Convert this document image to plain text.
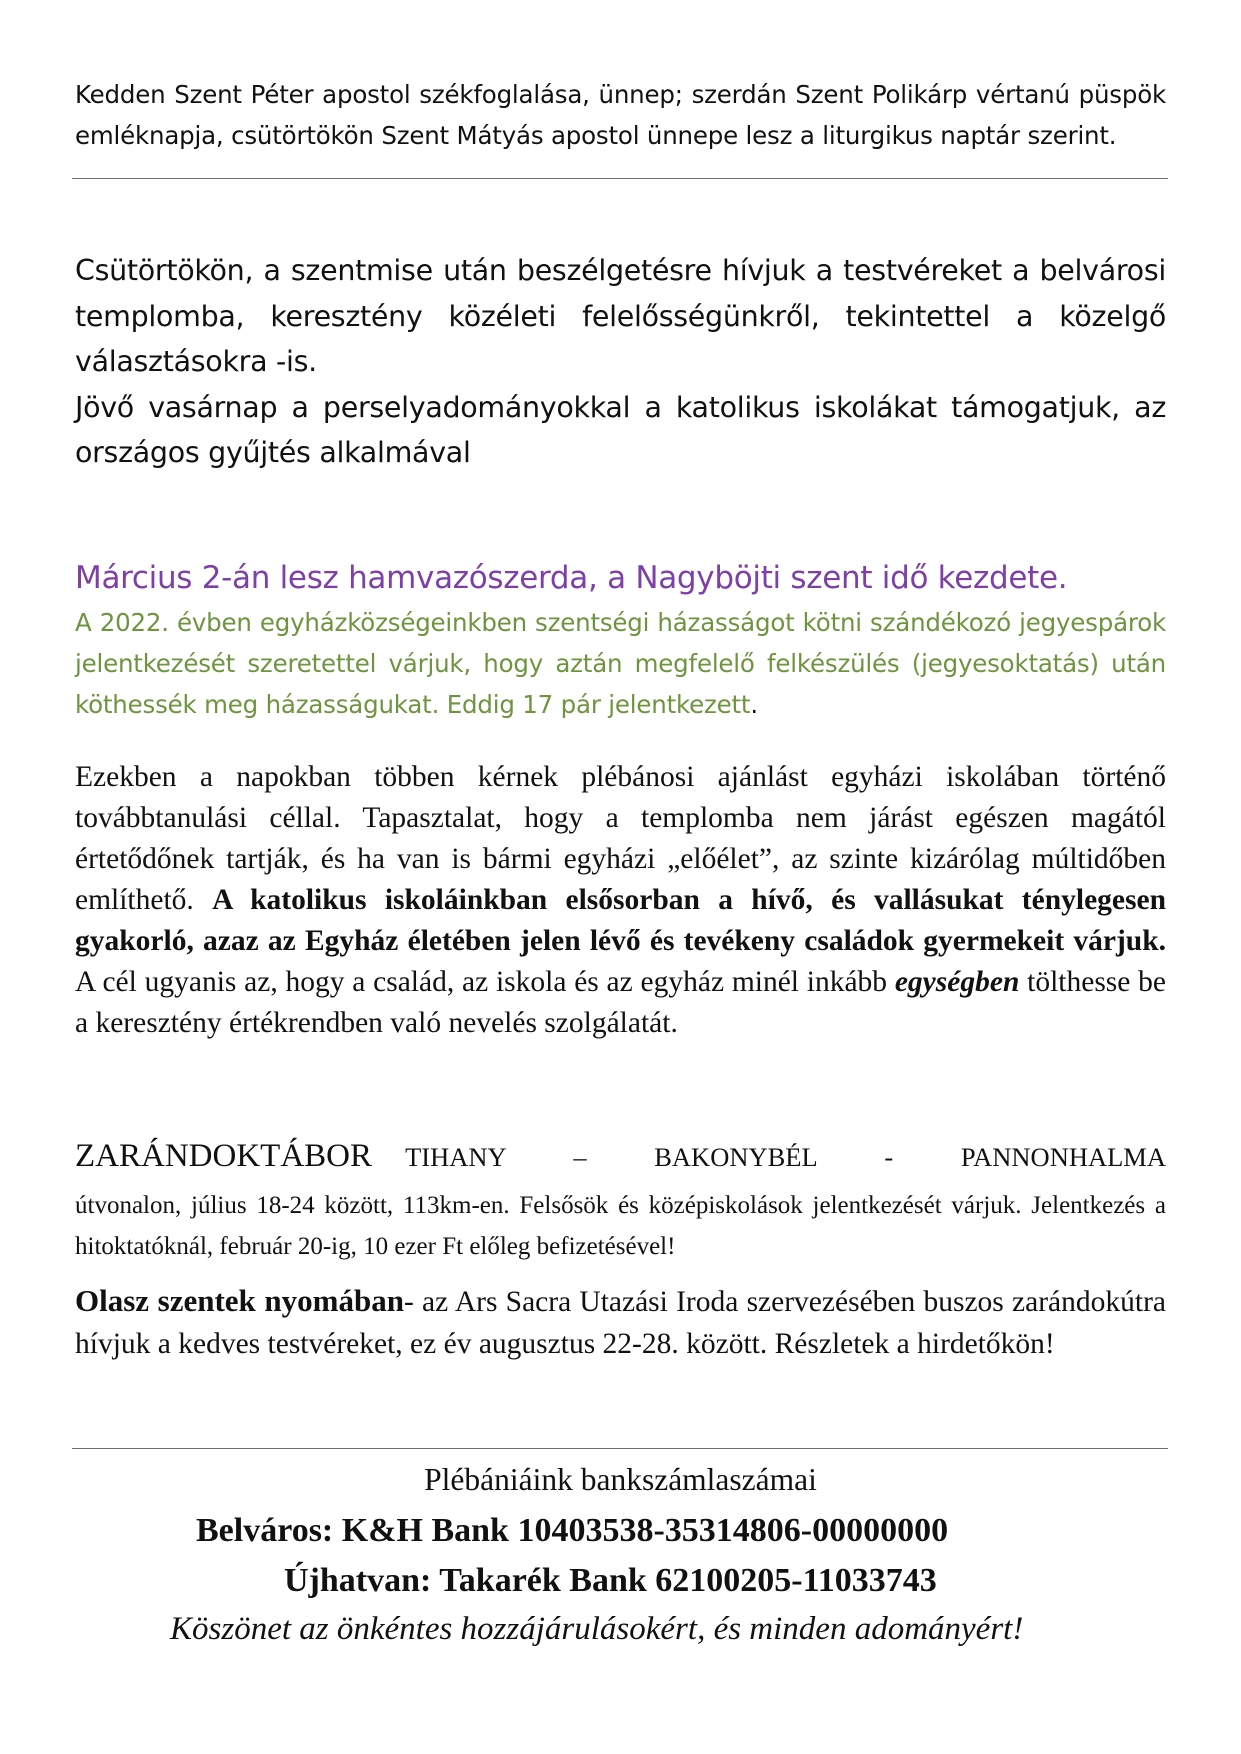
Kedden Szent Péter apostol székfoglalása, ünnep; szerdán Szent Polikárp vértanú püspök emléknapja, csütörtökön Szent Mátyás apostol ünnepe lesz a liturgikus naptár szerint.

Csütörtökön, a szentmise után beszélgetésre hívjuk a testvéreket a belvárosi templomba, keresztény közéleti felelősségünkről, tekintettel a közelgő választásokra -is.

Jövő vasárnap a perselyadományokkal a katolikus iskolákat támogatjuk, az országos gyűjtés alkalmával

Március 2-án lesz hamvazószerda, a Nagyböjti szent idő kezdete.

A 2022. évben egyházközségeinkben szentségi házasságot kötni szándékozó jegyespárok jelentkezését szeretettel várjuk, hogy aztán megfelelő felkészülés (jegyesoktatás) után köthessék meg házasságukat. Eddig 17 pár jelentkezett.

Ezekben a napokban többen kérnek plébánosi ajánlást egyházi iskolában történő továbbtanulási céllal. Tapasztalat, hogy a templomba nem járást egészen magától értetődőnek tartják, és ha van is bármi egyházi „előélet”, az szinte kizárólag múltidőben említhető. A katolikus iskoláinkban elsősorban a hívő, és vallásukat ténylegesen gyakorló, azaz az Egyház életében jelen lévő és tevékeny családok gyermekeit várjuk. A cél ugyanis az, hogy a család, az iskola és az egyház minél inkább egységben tölthesse be a keresztény értékrendben való nevelés szolgálatát.

ZARÁNDOKTÁBOR TIHANY – BAKONYBÉL - PANNONHALMA

útvonalon, július 18-24 között, 113km-en. Felsősök és középiskolások jelentkezését várjuk. Jelentkezés a hitoktatóknál, február 20-ig, 10 ezer Ft előleg befizetésével!

Olasz szentek nyomában- az Ars Sacra Utazási Iroda szervezésében buszos zarándokútra hívjuk a kedves testvéreket, ez év augusztus 22-28. között. Részletek a hirdetőkön!

Plébániáink bankszámlaszámai
Belváros: K&H Bank 10403538-35314806-00000000
Újhatvan: Takarék Bank 62100205-11033743
Köszönet az önkéntes hozzájárulásokért, és minden adományért!
